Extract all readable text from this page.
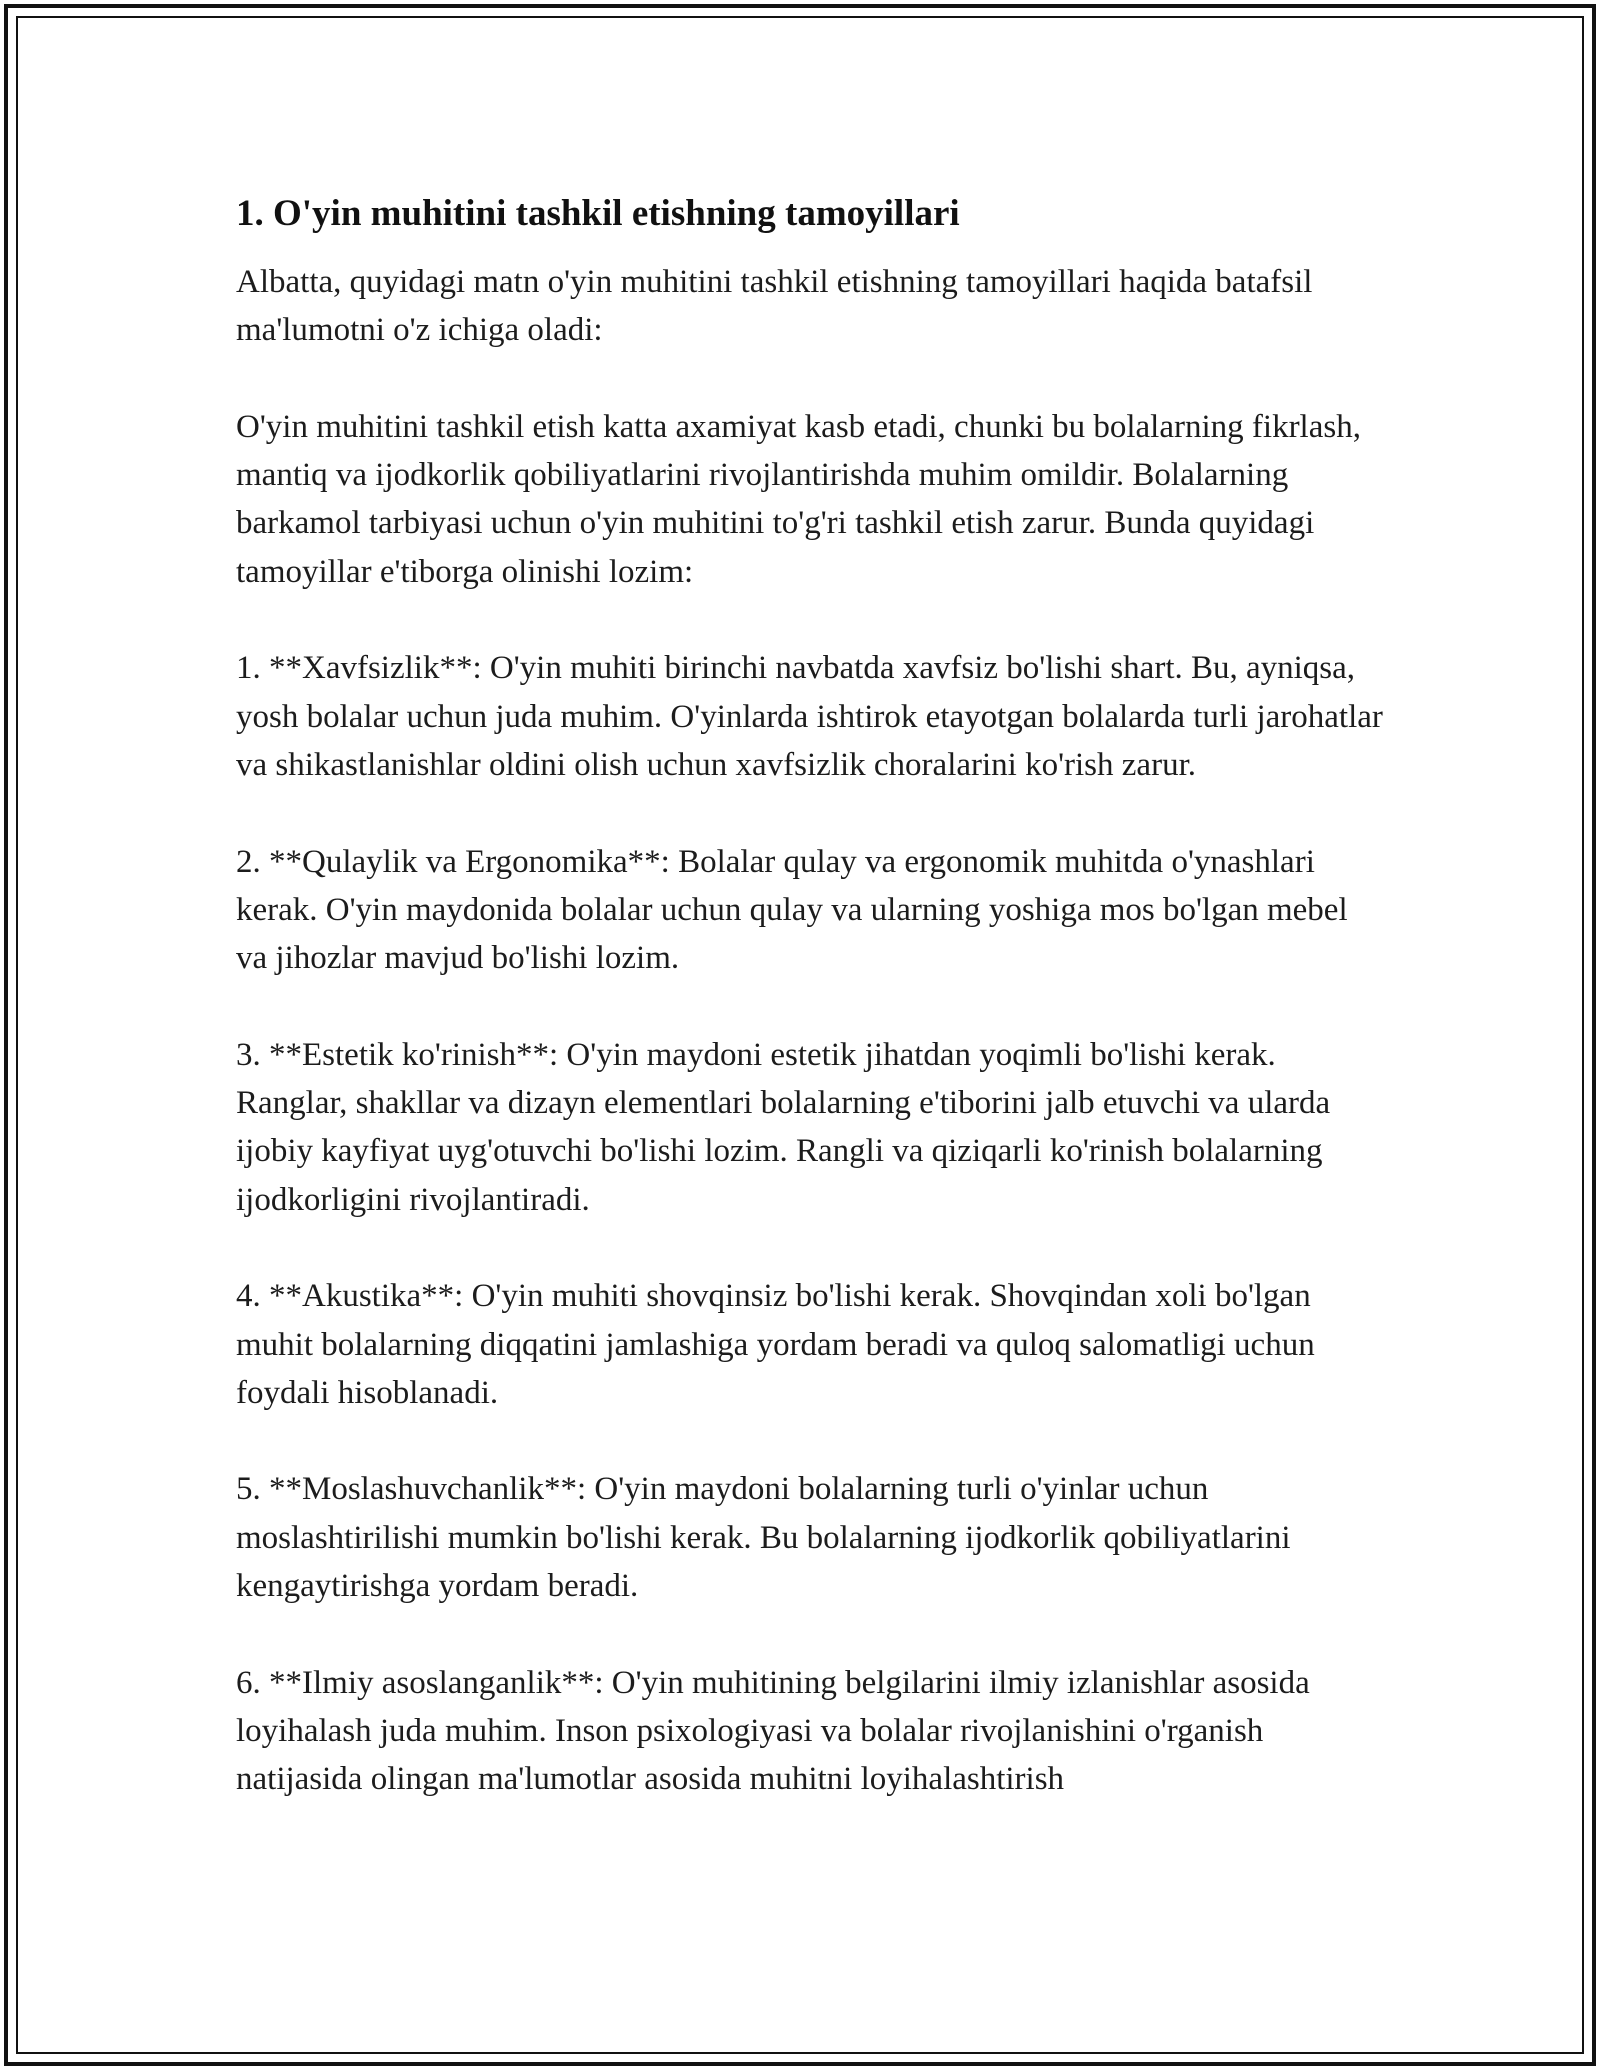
1. O'yin muhitini tashkil etishning tamoyillari

Albatta, quyidagi matn o'yin muhitini tashkil etishning tamoyillari haqida batafsil ma'lumotni o'z ichiga oladi:

O'yin muhitini tashkil etish katta axamiyat kasb etadi, chunki bu bolalarning fikrlash, mantiq va ijodkorlik qobiliyatlarini rivojlantirishda muhim omildir. Bolalarning barkamol tarbiyasi uchun o'yin muhitini to'g'ri tashkil etish zarur. Bunda quyidagi tamoyillar e'tiborga olinishi lozim:

1. **Xavfsizlik**: O'yin muhiti birinchi navbatda xavfsiz bo'lishi shart. Bu, ayniqsa, yosh bolalar uchun juda muhim. O'yinlarda ishtirok etayotgan bolalarda turli jarohatlar va shikastlanishlar oldini olish uchun xavfsizlik choralarini ko'rish zarur.

2. **Qulaylik va Ergonomika**: Bolalar qulay va ergonomik muhitda o'ynashlari kerak. O'yin maydonida bolalar uchun qulay va ularning yoshiga mos bo'lgan mebel va jihozlar mavjud bo'lishi lozim.

3. **Estetik ko'rinish**: O'yin maydoni estetik jihatdan yoqimli bo'lishi kerak. Ranglar, shakllar va dizayn elementlari bolalarning e'tiborini jalb etuvchi va ularda ijobiy kayfiyat uyg'otuvchi bo'lishi lozim. Rangli va qiziqarli ko'rinish bolalarning ijodkorligini rivojlantiradi.

4. **Akustika**: O'yin muhiti shovqinsiz bo'lishi kerak. Shovqindan xoli bo'lgan muhit bolalarning diqqatini jamlashiga yordam beradi va quloq salomatligi uchun foydali hisoblanadi.

5. **Moslashuvchanlik**: O'yin maydoni bolalarning turli o'yinlar uchun moslashtirilishi mumkin bo'lishi kerak. Bu bolalarning ijodkorlik qobiliyatlarini kengaytirishga yordam beradi.

6. **Ilmiy asoslanganlik**: O'yin muhitining belgilarini ilmiy izlanishlar asosida loyihalash juda muhim. Inson psixologiyasi va bolalar rivojlanishini o'rganish natijasida olingan ma'lumotlar asosida muhitni loyihalashtirish
